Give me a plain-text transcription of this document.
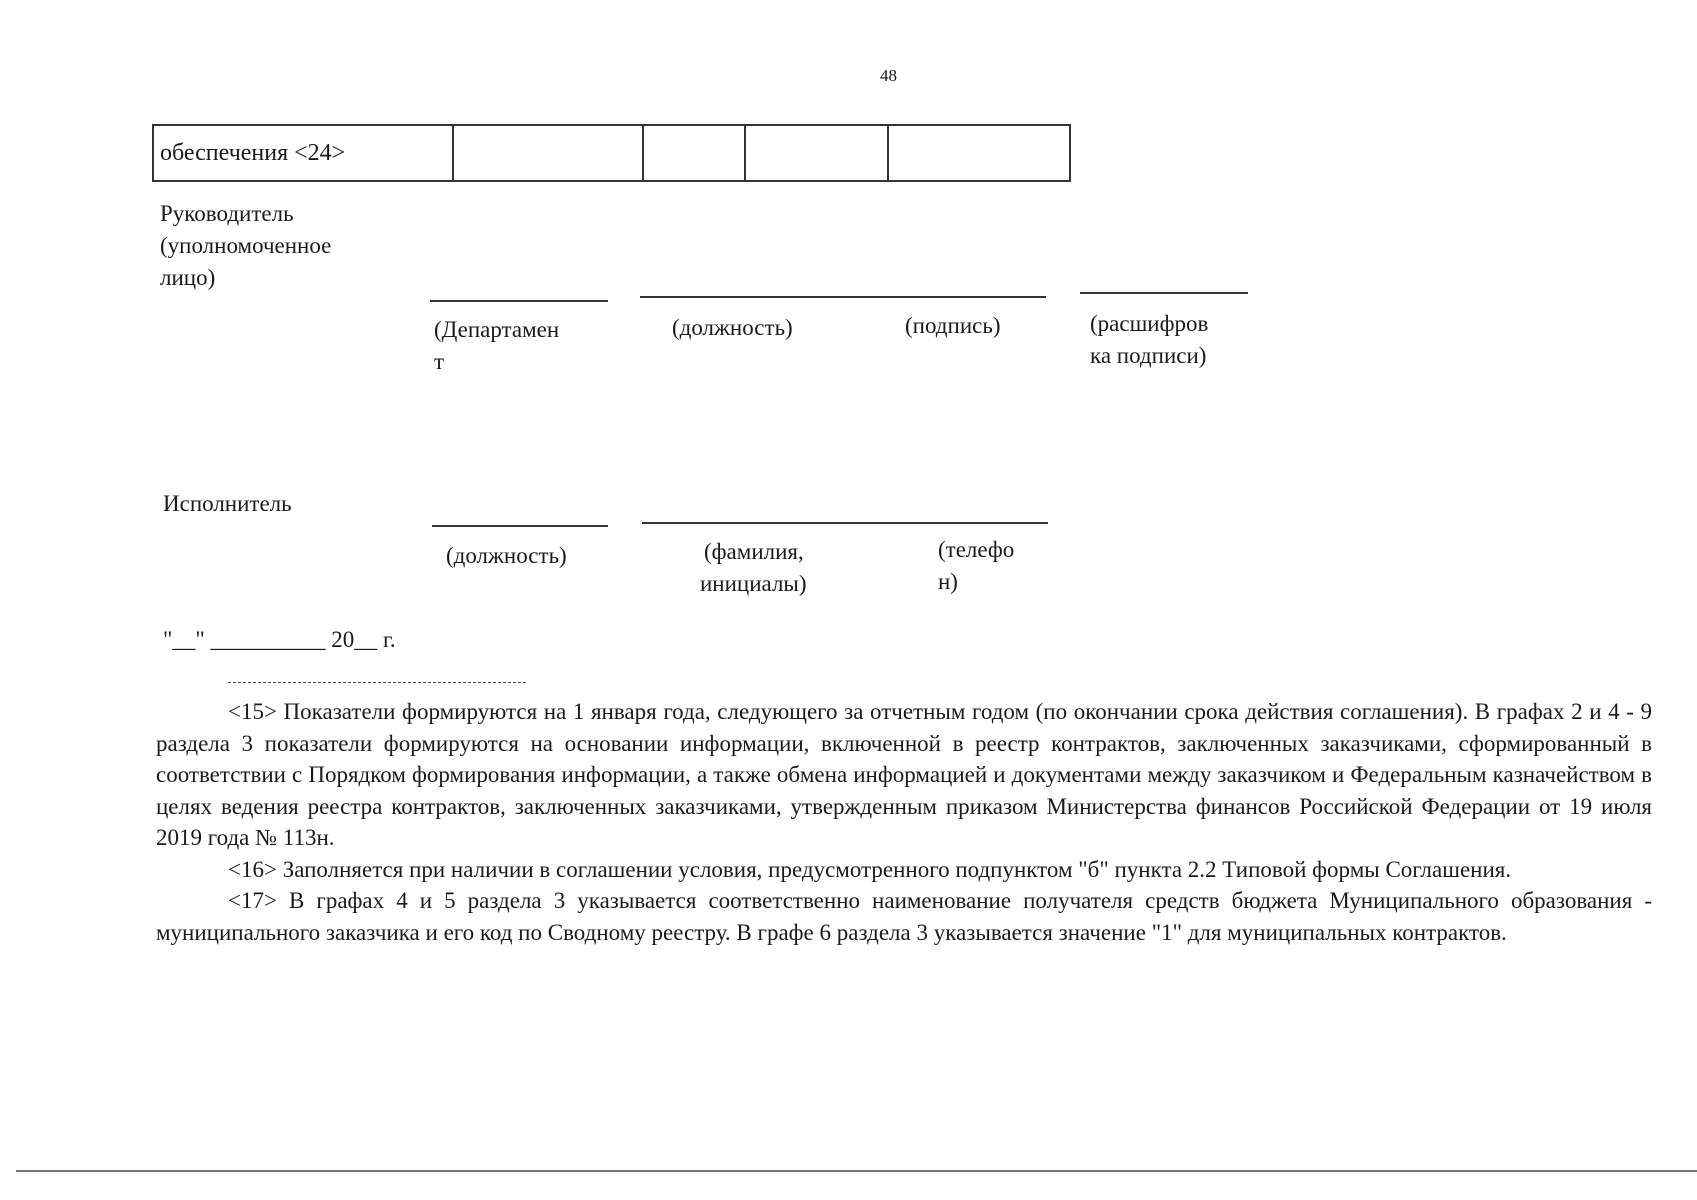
48
обеспечения <24>				
Руководитель
(уполномоченное
лицо)
(Департамен
т
(должность)	(подпись)	(расшифров
ка подписи)
Исполнитель
(должность)	(фамилия,
инициалы)
(телефо
н)
"__" __________ 20__ г.

<15> Показатели формируются на 1 января года, следующего за отчетным годом (по окончании срока действия соглашения). В графах 2 и 4 - 9 раздела 3 показатели формируются на основании информации, включенной в реестр контрактов, заключенных заказчиками, сформированный в соответствии с Порядком формирования информации, а также обмена информацией и документами между заказчиком и Федеральным казначейством в целях ведения реестра контрактов, заключенных заказчиками, утвержденным приказом Министерства финансов Российской Федерации от 19 июля 2019 года № 113н.

<16> Заполняется при наличии в соглашении условия, предусмотренного подпунктом "б" пункта 2.2 Типовой формы Соглашения.

<17> В графах 4 и 5 раздела 3 указывается соответственно наименование получателя средств бюджета Муниципального образования - муниципального заказчика и его код по Сводному реестру. В графе 6 раздела 3 указывается значение "1" для муниципальных контрактов.
